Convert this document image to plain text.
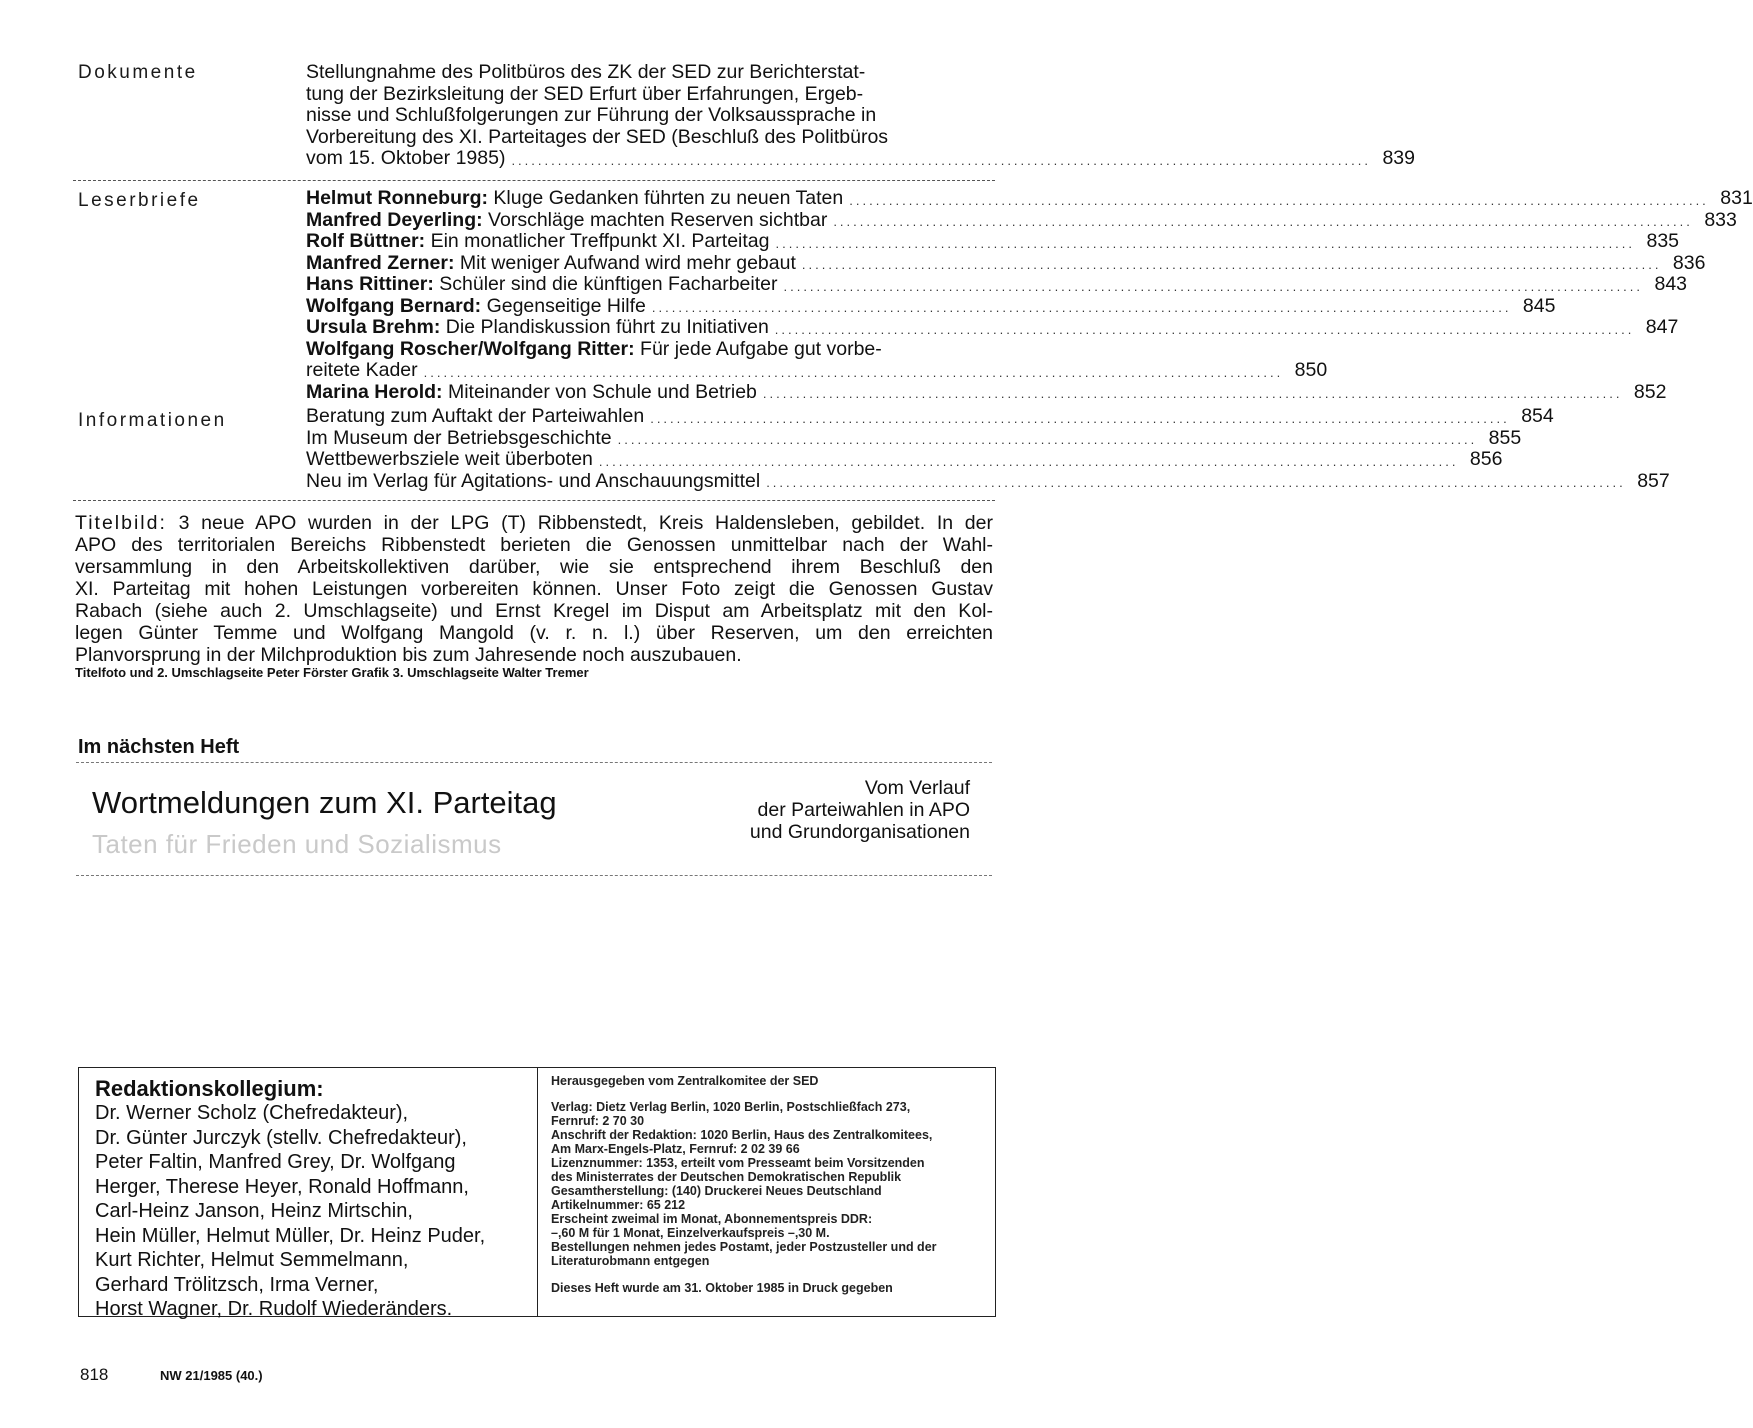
Dokumente	Stellungnahme des Politbüros des ZK der SED zur Berichterstat-
tung der Bezirksleitung der SED Erfurt über Erfahrungen, Ergeb-
nisse und Schlußfolgerungen zur Führung der Volksaussprache in
Vorbereitung des XI. Parteitages der SED (Beschluß des Politbüros
vom 15. Oktober 1985) .................................................................................................................................. 839
Leserbriefe	Helmut Ronneburg: Kluge Gedanken führten zu neuen Taten .................................................................................................................................. 831
Manfred Deyerling: Vorschläge machten Reserven sichtbar .................................................................................................................................. 833
Rolf Büttner: Ein monatlicher Treffpunkt XI. Parteitag .................................................................................................................................. 835
Manfred Zerner: Mit weniger Aufwand wird mehr gebaut .................................................................................................................................. 836
Hans Rittiner: Schüler sind die künftigen Facharbeiter .................................................................................................................................. 843
Wolfgang Bernard: Gegenseitige Hilfe .................................................................................................................................. 845
Ursula Brehm: Die Plandiskussion führt zu Initiativen .................................................................................................................................. 847
Wolfgang Roscher/Wolfgang Ritter: Für jede Aufgabe gut vorbe-
reitete Kader .................................................................................................................................. 850
Marina Herold: Miteinander von Schule und Betrieb .................................................................................................................................. 852
Informationen	Beratung zum Auftakt der Parteiwahlen .................................................................................................................................. 854
Im Museum der Betriebsgeschichte .................................................................................................................................. 855
Wettbewerbsziele weit überboten .................................................................................................................................. 856
Neu im Verlag für Agitations- und Anschauungsmittel .................................................................................................................................. 857
Titelbild: 3 neue APO wurden in der LPG (T) Ribbenstedt, Kreis Haldensleben, gebildet. In der
APO des territorialen Bereichs Ribbenstedt berieten die Genossen unmittelbar nach der Wahl-
versammlung in den Arbeitskollektiven darüber, wie sie entsprechend ihrem Beschluß den
XI. Parteitag mit hohen Leistungen vorbereiten können. Unser Foto zeigt die Genossen Gustav
Rabach (siehe auch 2. Umschlagseite) und Ernst Kregel im Disput am Arbeitsplatz mit den Kol-
legen Günter Temme und Wolfgang Mangold (v. r. n. l.) über Reserven, um den erreichten
Planvorsprung in der Milchproduktion bis zum Jahresende noch auszubauen.
Titelfoto und 2. Umschlagseite Peter Förster Grafik 3. Umschlagseite Walter Tremer
Im nächsten Heft
Wortmeldungen zum XI. Parteitag
Taten für Frieden und Sozialismus
Vom Verlauf
der Parteiwahlen in APO
und Grundorganisationen
Redaktionskollegium:
Dr. Werner Scholz (Chefredakteur),
Dr. Günter Jurczyk (stellv. Chefredakteur),
Peter Faltin, Manfred Grey, Dr. Wolfgang
Herger, Therese Heyer, Ronald Hoffmann,
Carl-Heinz Janson, Heinz Mirtschin,
Hein Müller, Helmut Müller, Dr. Heinz Puder,
Kurt Richter, Helmut Semmelmann,
Gerhard Trölitzsch, Irma Verner,
Horst Wagner, Dr. Rudolf Wiederänders.
Herausgegeben vom Zentralkomitee der SED
Verlag: Dietz Verlag Berlin, 1020 Berlin, Postschließfach 273,
Fernruf: 2 70 30
Anschrift der Redaktion: 1020 Berlin, Haus des Zentralkomitees,
Am Marx-Engels-Platz, Fernruf: 2 02 39 66
Lizenznummer: 1353, erteilt vom Presseamt beim Vorsitzenden
des Ministerrates der Deutschen Demokratischen Republik
Gesamtherstellung: (140) Druckerei Neues Deutschland
Artikelnummer: 65 212
Erscheint zweimal im Monat, Abonnementspreis DDR:
–,60 M für 1 Monat, Einzelverkaufspreis –,30 M.
Bestellungen nehmen jedes Postamt, jeder Postzusteller und der
Literaturobmann entgegen
Dieses Heft wurde am 31. Oktober 1985 in Druck gegeben
818	NW 21/1985 (40.)
